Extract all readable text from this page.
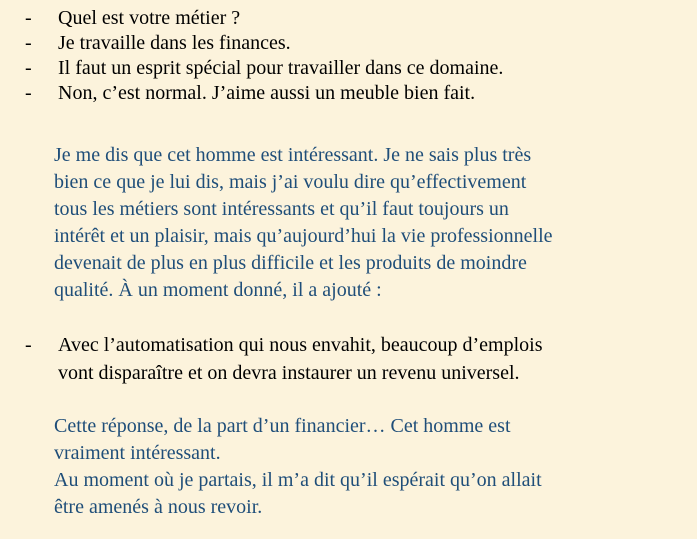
- Quel est votre métier ?
- Je travaille dans les finances.
- Il faut un esprit spécial pour travailler dans ce domaine.
- Non, c’est normal. J’aime aussi un meuble bien fait.
Je me dis que cet homme est intéressant. Je ne sais plus très
bien ce que je lui dis, mais j’ai voulu dire qu’effectivement
tous les métiers sont intéressants et qu’il faut toujours un
intérêt et un plaisir, mais qu’aujourd’hui la vie professionnelle
devenait de plus en plus difficile et les produits de moindre
qualité. À un moment donné, il a ajouté :
-	Avec l’automatisation qui nous envahit, beaucoup d’emplois
vont disparaître et on devra instaurer un revenu universel.
Cette réponse, de la part d’un financier… Cet homme est
vraiment intéressant.
Au moment où je partais, il m’a dit qu’il espérait qu’on allait
être amenés à nous revoir.
